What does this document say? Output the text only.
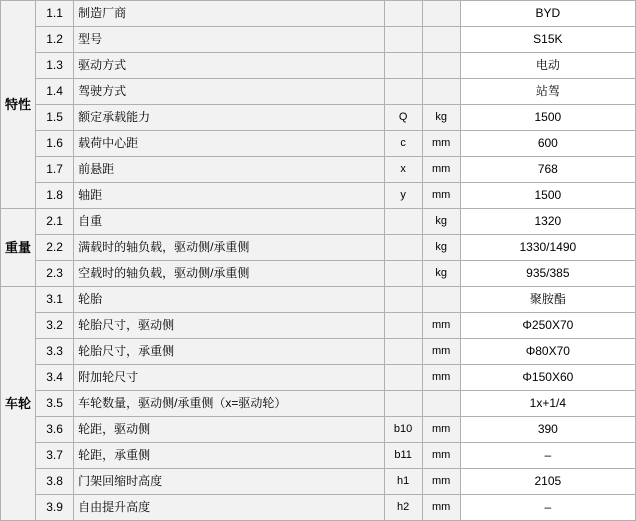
特性	1.1	制造厂商			BYD
	1.2	型号			S15K
	1.3	驱动方式			电动
	1.4	驾驶方式			站驾
	1.5	额定承载能力	Q	kg	1500
	1.6	载荷中心距	c	mm	600
	1.7	前悬距	x	mm	768
	1.8	轴距	y	mm	1500
重量	2.1	自重		kg	1320
	2.2	满载时的轴负载，驱动侧/承重侧		kg	1330/1490
	2.3	空载时的轴负载，驱动侧/承重侧		kg	935/385
车轮	3.1	轮胎			聚胺酯
	3.2	轮胎尺寸，驱动侧		mm	Φ250X70
	3.3	轮胎尺寸，承重侧		mm	Φ80X70
	3.4	附加轮尺寸		mm	Φ150X60
	3.5	车轮数量，驱动侧/承重侧（x=驱动轮）			1x+1/4
	3.6	轮距，驱动侧	b10	mm	390
	3.7	轮距，承重侧	b11	mm	–
	3.8	门架回缩时高度	h1	mm	2105
	3.9	自由提升高度	h2	mm	–
